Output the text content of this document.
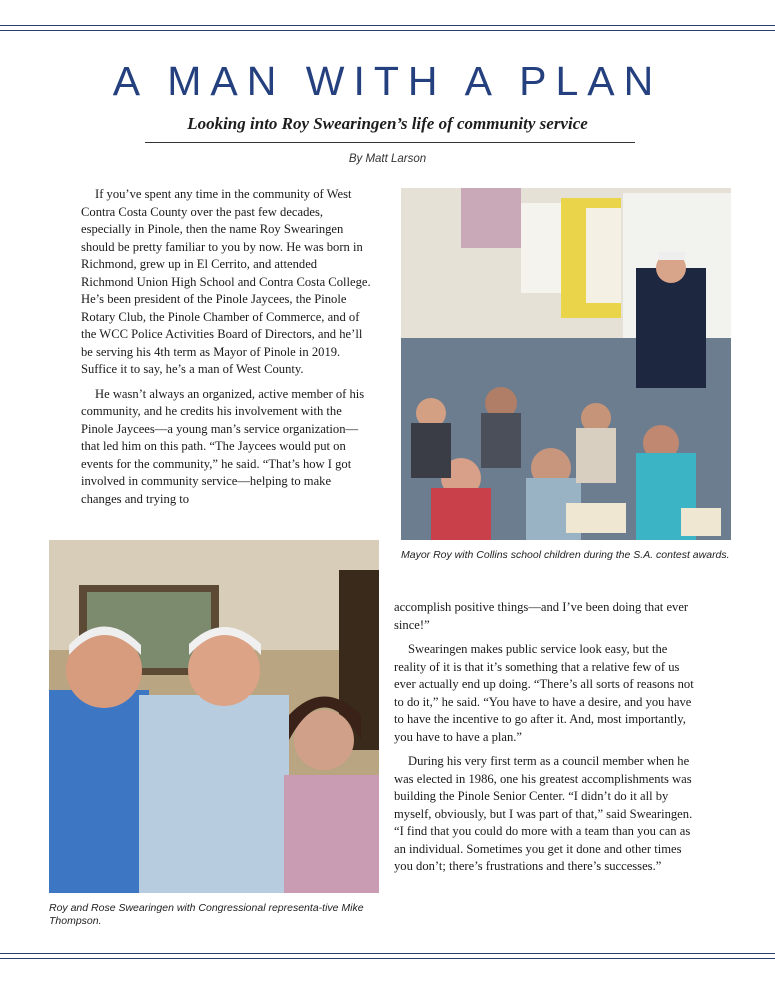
A MAN WITH A PLAN
Looking into Roy Swearingen’s life of community service
By Matt Larson

If you’ve spent any time in the community of West Contra Costa County over the past few decades, especially in Pinole, then the name Roy Swearingen should be pretty familiar to you by now. He was born in Richmond, grew up in El Cerrito, and attended Richmond Union High School and Contra Costa College. He’s been president of the Pinole Jaycees, the Pinole Rotary Club, the Pinole Chamber of Commerce, and of the WCC Police Activities Board of Directors, and he’ll be serving his 4th term as Mayor of Pinole in 2019. Suffice it to say, he’s a man of West County.

He wasn’t always an organized, active member of his community, and he credits his involvement with the Pinole Jaycees—a young man’s service organization—that led him on this path. “The Jaycees would put on events for the community,” he said. “That’s how I got involved in community service—helping to make changes and trying to

Mayor Roy with Collins school children during the S.A. contest awards.
Roy and Rose Swearingen with Congressional representa-tive Mike Thompson.

accomplish positive things—and I’ve been doing that ever since!”

Swearingen makes public service look easy, but the reality of it is that it’s something that a relative few of us ever actually end up doing. “There’s all sorts of reasons not to do it,” he said. “You have to have a desire, and you have to have the incentive to go after it. And, most importantly, you have to have a plan.”

During his very first term as a council member when he was elected in 1986, one his greatest accomplishments was building the Pinole Senior Center. “I didn’t do it all by myself, obviously, but I was part of that,” said Swearingen. “I find that you could do more with a team than you can as an individual. Sometimes you get it done and other times you don’t; there’s frustrations and there’s successes.”
